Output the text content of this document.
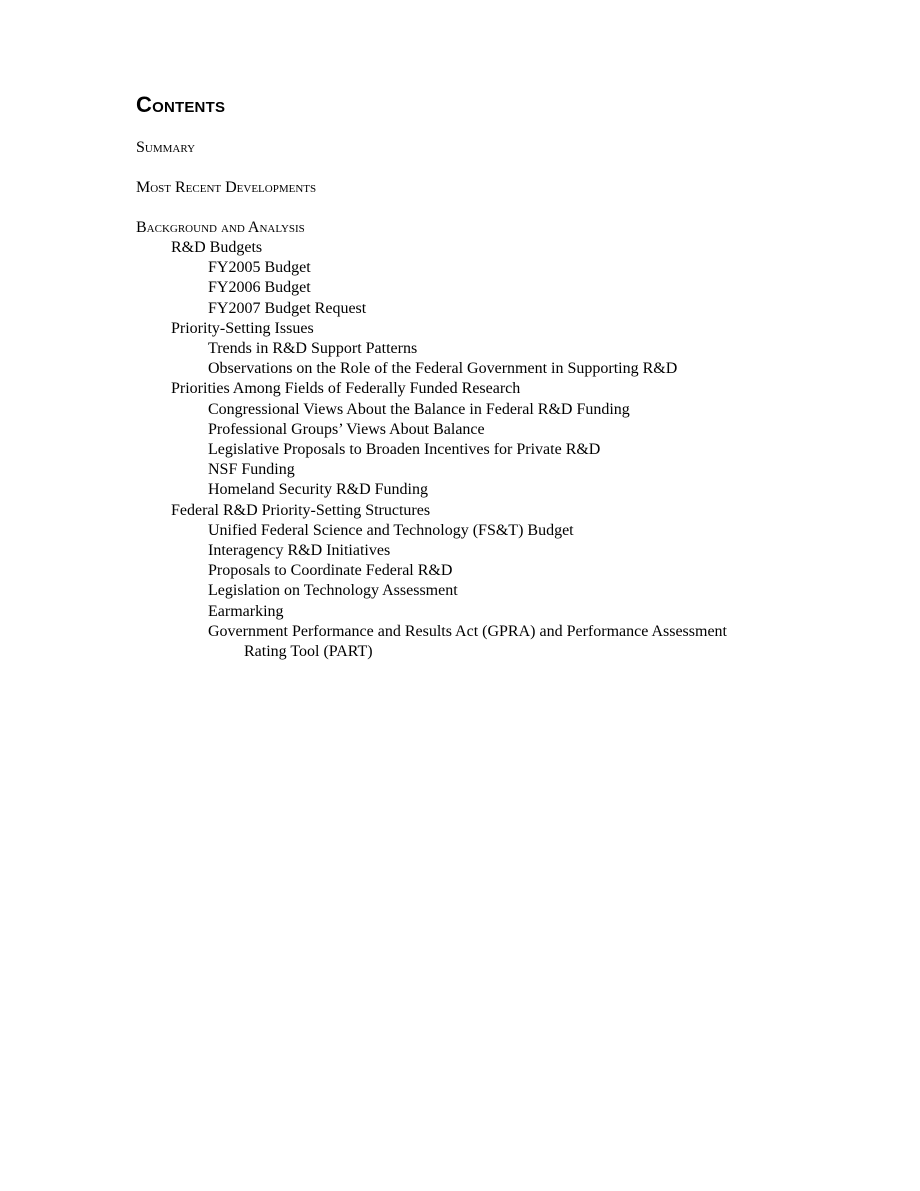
Contents

Summary

Most Recent Developments

Background and Analysis

R&D Budgets

FY2005 Budget

FY2006 Budget

FY2007 Budget Request

Priority-Setting Issues

Trends in R&D Support Patterns

Observations on the Role of the Federal Government in Supporting R&D

Priorities Among Fields of Federally Funded Research

Congressional Views About the Balance in Federal R&D Funding

Professional Groups’ Views About Balance

Legislative Proposals to Broaden Incentives for Private R&D

NSF Funding

Homeland Security R&D Funding

Federal R&D Priority-Setting Structures

Unified Federal Science and Technology (FS&T) Budget

Interagency R&D Initiatives

Proposals to Coordinate Federal R&D

Legislation on Technology Assessment

Earmarking

Government Performance and Results Act (GPRA) and Performance Assessment

Rating Tool (PART)
